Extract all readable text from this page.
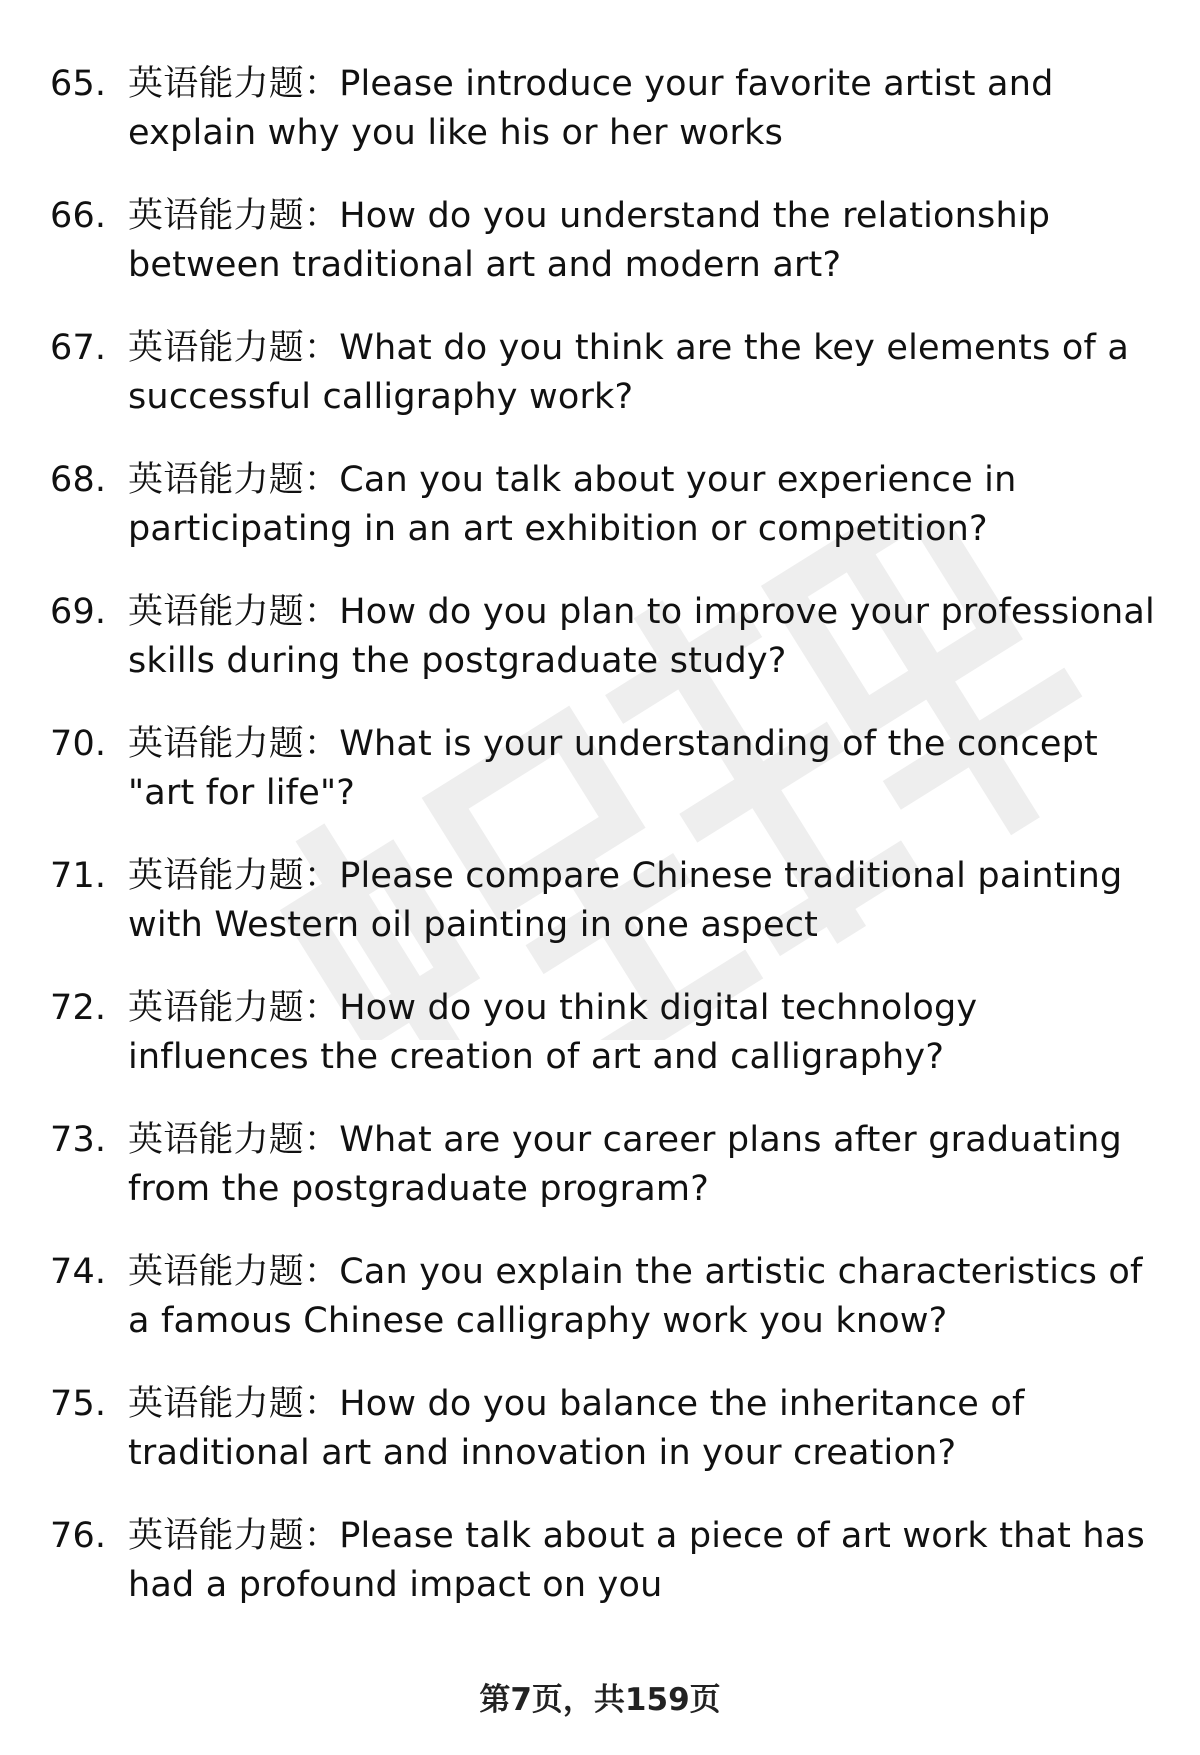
65. 英语能力题：Please introduce your favorite artist and explain why you like his or her works
66. 英语能力题：How do you understand the relationship between traditional art and modern art?
67. 英语能力题：What do you think are the key elements of a successful calligraphy work?
68. 英语能力题：Can you talk about your experience in participating in an art exhibition or competition?
69. 英语能力题：How do you plan to improve your professional skills during the postgraduate study?
70. 英语能力题：What is your understanding of the concept "art for life"?
71. 英语能力题：Please compare Chinese traditional painting with Western oil painting in one aspect
72. 英语能力题：How do you think digital technology influences the creation of art and calligraphy?
73. 英语能力题：What are your career plans after graduating from the postgraduate program?
74. 英语能力题：Can you explain the artistic characteristics of a famous Chinese calligraphy work you know?
75. 英语能力题：How do you balance the inheritance of traditional art and innovation in your creation?
76. 英语能力题：Please talk about a piece of art work that has had a profound impact on you
第7页，共159页
